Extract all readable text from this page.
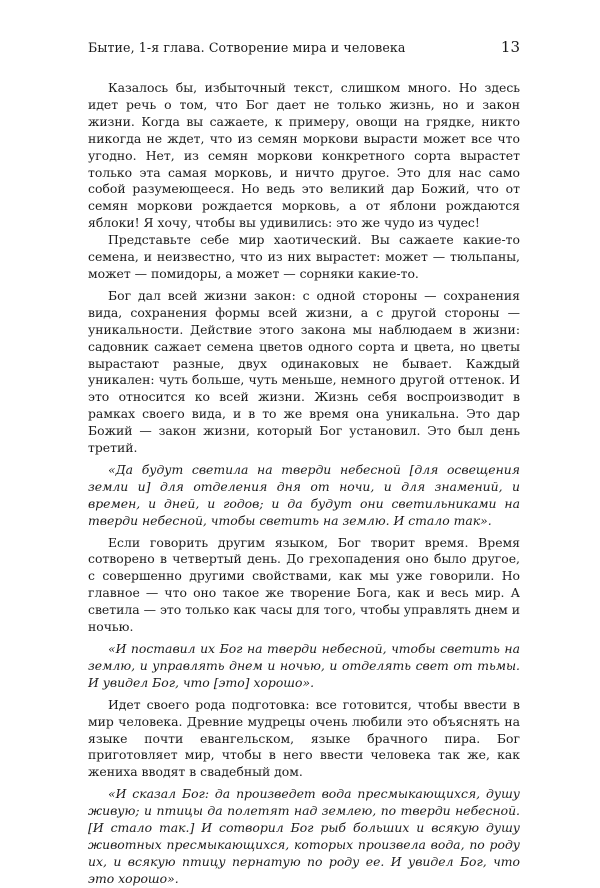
Бытие, 1-я глава. Сотворение мира и человека	13

Казалось бы, избыточный текст, слишком много. Но здесь идет речь о том, что Бог дает не только жизнь, но и закон жизни. Когда вы сажаете, к примеру, овощи на грядке, никто никогда не ждет, что из семян моркови вырасти может все что угодно. Нет, из семян моркови конкретного сорта вырастет только эта самая морковь, и ничто другое. Это для нас само собой разумеющееся. Но ведь это великий дар Божий, что от семян моркови рождается морковь, а от яблони рождаются яблоки! Я хочу, чтобы вы удивились: это же чудо из чудес!

Представьте себе мир хаотический. Вы сажаете какие-то семена, и неизвестно, что из них вырастет: может — тюльпаны, может — помидоры, а может — сорняки какие-то.

Бог дал всей жизни закон: с одной стороны — сохранения вида, сохранения формы всей жизни, а с другой стороны — уникальности. Действие этого закона мы наблюдаем в жизни: садовник сажает семена цветов одного сорта и цвета, но цветы вырастают разные, двух одинаковых не бывает. Каждый уникален: чуть больше, чуть меньше, немного другой оттенок. И это относится ко всей жизни. Жизнь себя воспроизводит в рамках своего вида, и в то же время она уникальна. Это дар Божий — закон жизни, который Бог установил. Это был день третий.

«Да будут светила на тверди небесной [для освещения земли и] для отделения дня от ночи, и для знамений, и времен, и дней, и годов; и да будут они светильниками на тверди небесной, чтобы светить на землю. И стало так».

Если говорить другим языком, Бог творит время. Время сотворено в четвертый день. До грехопадения оно было другое, с совершенно другими свойствами, как мы уже говорили. Но главное — что оно такое же творение Бога, как и весь мир. А светила — это только как часы для того, чтобы управлять днем и ночью.

«И поставил их Бог на тверди небесной, чтобы светить на землю, и управлять днем и ночью, и отделять свет от тьмы. И увидел Бог, что [это] хорошо».

Идет своего рода подготовка: все готовится, чтобы ввести в мир человека. Древние мудрецы очень любили это объяснять на языке почти евангельском, языке брачного пира. Бог приготовляет мир, чтобы в него ввести человека так же, как жениха вводят в свадебный дом.

«И сказал Бог: да произведет вода пресмыкающихся, душу живую; и птицы да полетят над землею, по тверди небесной. [И стало так.] И сотворил Бог рыб больших и всякую душу животных пресмыкающихся, которых произвела вода, по роду их, и всякую птицу пернатую по роду ее. И увидел Бог, что это хорошо».
